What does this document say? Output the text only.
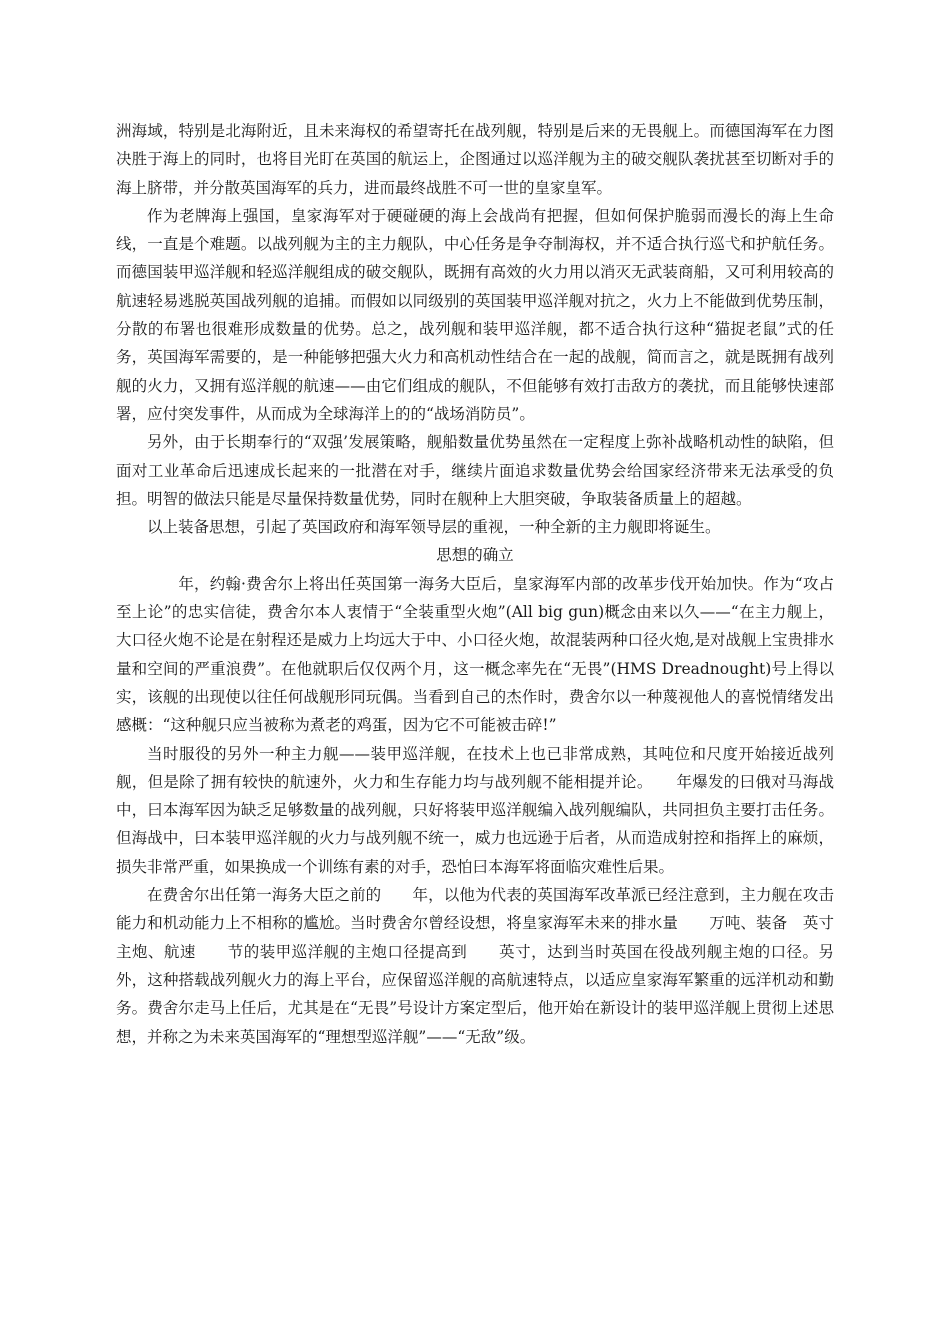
洲海域，特别是北海附近，且未来海权的希望寄托在战列舰，特别是后来的无畏舰上。而德国海军在力图决胜于海上的同时，也将目光盯在英国的航运上，企图通过以巡洋舰为主的破交舰队袭扰甚至切断对手的海上脐带，并分散英国海军的兵力，进而最终战胜不可一世的皇家皇军。

作为老牌海上强国，皇家海军对于硬碰硬的海上会战尚有把握，但如何保护脆弱而漫长的海上生命线，一直是个难题。以战列舰为主的主力舰队，中心任务是争夺制海权，并不适合执行巡弋和护航任务。而德国装甲巡洋舰和轻巡洋舰组成的破交舰队，既拥有高效的火力用以消灭无武装商船，又可利用较高的航速轻易逃脱英国战列舰的追捕。而假如以同级别的英国装甲巡洋舰对抗之，火力上不能做到优势压制，分散的布署也很难形成数量的优势。总之，战列舰和装甲巡洋舰，都不适合执行这种“猫捉老鼠”式的任务，英国海军需要的，是一种能够把强大火力和高机动性结合在一起的战舰，简而言之，就是既拥有战列舰的火力，又拥有巡洋舰的航速——由它们组成的舰队，不但能够有效打击敌方的袭扰，而且能够快速部署，应付突发事件，从而成为全球海洋上的的“战场消防员”。

另外，由于长期奉行的“双强’发展策略，舰船数量优势虽然在一定程度上弥补战略机动性的缺陷，但面对工业革命后迅速成长起来的一批潜在对手，继续片面追求数量优势会给国家经济带来无法承受的负担。明智的做法只能是尽量保持数量优势，同时在舰种上大胆突破，争取装备质量上的超越。

以上装备思想，引起了英国政府和海军领导层的重视，一种全新的主力舰即将诞生。

思想的确立

　　年，约翰·费舍尔上将出任英国第一海务大臣后，皇家海军内部的改革步伐开始加快。作为“攻占至上论”的忠实信徒，费舍尔本人衷情于“全装重型火炮”(All big gun)概念由来以久——“在主力舰上，大口径火炮不论是在射程还是威力上均远大于中、小口径火炮，故混装两种口径火炮,是对战舰上宝贵排水量和空间的严重浪费”。在他就职后仅仅两个月，这一概念率先在“无畏”(HMS Dreadnought)号上得以实，该舰的出现使以往任何战舰形同玩偶。当看到自己的杰作时，费舍尔以一种蔑视他人的喜悦情绪发出感概：“这种舰只应当被称为煮老的鸡蛋，因为它不可能被击碎!”

当时服役的另外一种主力舰——装甲巡洋舰，在技术上也已非常成熟，其吨位和尺度开始接近战列舰，但是除了拥有较快的航速外，火力和生存能力均与战列舰不能相提并论。　　年爆发的曰俄对马海战中，曰本海军因为缺乏足够数量的战列舰，只好将装甲巡洋舰编入战列舰编队，共同担负主要打击任务。但海战中，曰本装甲巡洋舰的火力与战列舰不统一，威力也远逊于后者，从而造成射控和指挥上的麻烦，损失非常严重，如果换成一个训练有素的对手，恐怕曰本海军将面临灾难性后果。

在费舍尔出任第一海务大臣之前的　　年，以他为代表的英国海军改革派已经注意到，主力舰在攻击能力和机动能力上不相称的尴尬。当时费舍尔曾经设想，将皇家海军未来的排水量　　万吨、装备　英寸主炮、航速　　节的装甲巡洋舰的主炮口径提高到　　英寸，达到当时英国在役战列舰主炮的口径。另外，这种搭载战列舰火力的海上平台，应保留巡洋舰的高航速特点，以适应皇家海军繁重的远洋机动和勤务。费舍尔走马上任后，尤其是在“无畏”号设计方案定型后，他开始在新设计的装甲巡洋舰上贯彻上述思想，并称之为未来英国海军的“理想型巡洋舰”——“无敌”级。
